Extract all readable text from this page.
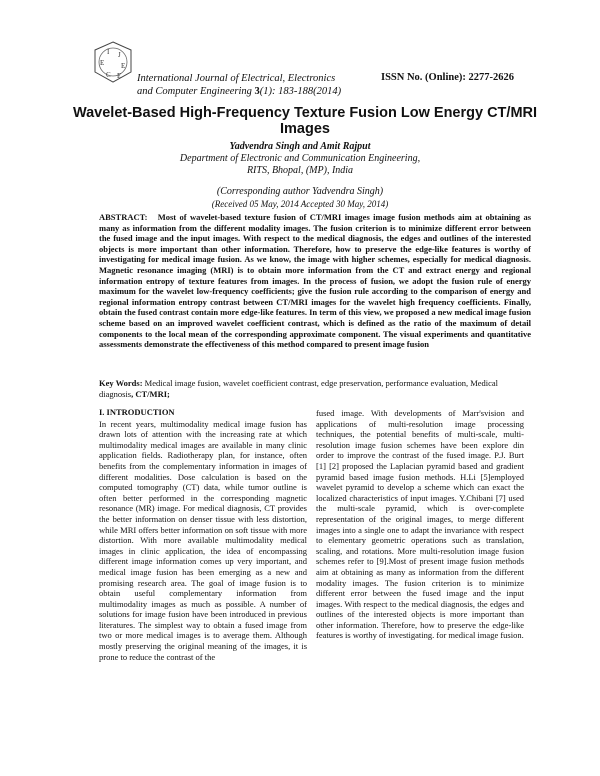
I J
E E
C E International Journal of Electrical, Electronics
and Computer Engineering 3(1): 183-188(2014)
ISSN No. (Online): 2277-2626
Wavelet-Based High-Frequency Texture Fusion Low Energy CT/MRI Images
Yadvendra Singh and Amit Rajput
Department of Electronic and Communication Engineering,
RITS, Bhopal, (MP), India
(Corresponding author Yadvendra Singh)
(Received 05 May, 2014 Accepted 30 May, 2014)
ABSTRACT: Most of wavelet-based texture fusion of CT/MRI images image fusion methods aim at obtaining as many as information from the different modality images. The fusion criterion is to minimize different error between the fused image and the input images. With respect to the medical diagnosis, the edges and outlines of the interested objects is more important than other information. Therefore, how to preserve the edge-like features is worthy of investigating for medical image fusion. As we know, the image with higher schemes, especially for medical diagnosis. Magnetic resonance imaging (MRI) is to obtain more information from the CT and extract energy and regional information entropy of texture features from images. In the process of fusion, we adopt the fusion rule of energy maximum for the wavelet low-frequency coefficients; give the fusion rule according to the comparison of energy and regional information entropy contrast between CT/MRI images for the wavelet high frequency coefficients. Finally, obtain the fused contrast contain more edge-like features. In term of this view, we proposed a new medical image fusion scheme based on an improved wavelet coefficient contrast, which is defined as the ratio of the maximum of detail components to the local mean of the corresponding approximate component. The visual experiments and quantitative assessments demonstrate the effectiveness of this method compared to present image fusion
Key Words: Medical image fusion, wavelet coefficient contrast, edge preservation, performance evaluation, Medical diagnosis, CT/MRI;
I. INTRODUCTION

In recent years, multimodality medical image fusion has drawn lots of attention with the increasing rate at which multimodality medical images are available in many clinic application fields. Radiotherapy plan, for instance, often benefits from the complementary information in images of different modalities. Dose calculation is based on the computed tomography (CT) data, while tumor outline is often better performed in the corresponding magnetic resonance (MR) image. For medical diagnosis, CT provides the better information on denser tissue with less distortion, while MRI offers better information on soft tissue with more distortion. With more available multimodality medical images in clinic application, the idea of encompassing different image information comes up very important, and medical image fusion has been emerging as a new and promising research area. The goal of image fusion is to obtain useful complementary information from multimodality images as much as possible. A number of solutions for image fusion have been introduced in previous literatures. The simplest way to obtain a fused image from two or more medical images is to average them. Although mostly preserving the original meaning of the images, it is prone to reduce the contrast of the

fused image. With developments of Marr'svision and applications of multi-resolution image processing techniques, the potential benefits of multi-scale, multi-resolution image fusion schemes have been explore din order to improve the contrast of the fused image. P.J. Burt [1] [2] proposed the Laplacian pyramid based and gradient pyramid based image fusion methods. H.Li [5]employed wavelet pyramid to develop a scheme which can exact the localized characteristics of input images. Y.Chibani [7] used the multi-scale pyramid, which is over-complete representation of the original images, to merge different images into a single one to adapt the invariance with respect to elementary geometric operations such as translation, scaling, and rotations. More multi-resolution image fusion schemes refer to [9].Most of present image fusion methods aim at obtaining as many as information from the different modality images. The fusion criterion is to minimize different error between the fused image and the input images. With respect to the medical diagnosis, the edges and outlines of the interested objects is more important than other information. Therefore, how to preserve the edge-like features is worthy of investigating. for medical image fusion.
